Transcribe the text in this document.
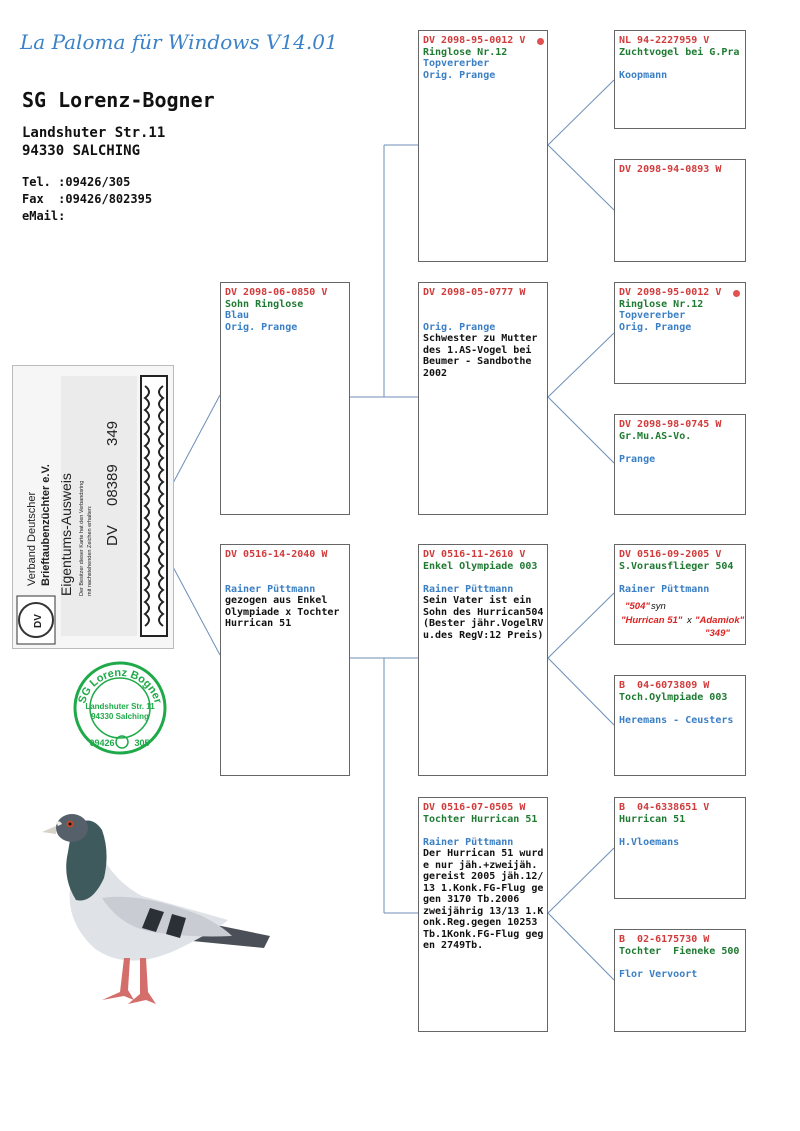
La Paloma für Windows V14.01
SG Lorenz-Bogner
Landshuter Str.11
94330 SALCHING
Tel. :09426/305
Fax  :09426/802395
eMail:
DV 2098-95-0012 V
Ringlose Nr.12
Topvererber
Orig. Prange
DV 2098-05-0777 W
Orig. Prange
Schwester zu Mutter
des 1.AS-Vogel bei
Beumer - Sandbothe
2002
DV 0516-11-2610 V
Enkel Olympiade 003
Rainer Püttmann
Sein Vater ist ein
Sohn des Hurrican504
(Bester jähr.VogelRV
u.des RegV:12 Preis)
DV 0516-07-0505 W
Tochter Hurrican 51
Rainer Püttmann
Der Hurrican 51 wurd
e nur jäh.+zweijäh.
gereist 2005 jäh.12/
13 1.Konk.FG-Flug ge
gen 3170 Tb.2006
zweijährig 13/13 1.K
onk.Reg.gegen 10253
Tb.1Konk.FG-Flug geg
en 2749Tb.
DV 2098-06-0850 V
Sohn Ringlose
Blau
Orig. Prange
DV 0516-14-2040 W
Rainer Püttmann
gezogen aus Enkel
Olympiade x Tochter
Hurrican 51
NL 94-2227959 V
Zuchtvogel bei G.Pra
Koopmann
DV 2098-94-0893 W
DV 2098-95-0012 V
Ringlose Nr.12
Topvererber
Orig. Prange
DV 2098-98-0745 W
Gr.Mu.AS-Vo.
Prange
DV 0516-09-2005 V
S.Vorausflieger 504
Rainer Püttmann
"504" syn
"Hurrican 51" x "Adamiok"
"349"
B  04-6073809 W
Toch.Oylmpiade 003
Heremans - Ceusters
B  04-6338651 V
Hurrican 51
H.Vloemans
B  02-6175730 W
Tochter  Fieneke 500
Flor Vervoort
Verband Deutscher Brieftaubenzüchter e.V. Eigentums-Ausweis Der Besitzer dieser Karte hat den Verbandsring mit nachstehenden Zeichen erhalten: DV
08389
349
DV
SG Lorenz Bogner
Landshuter Str. 11
94330 Salching
09426 305
